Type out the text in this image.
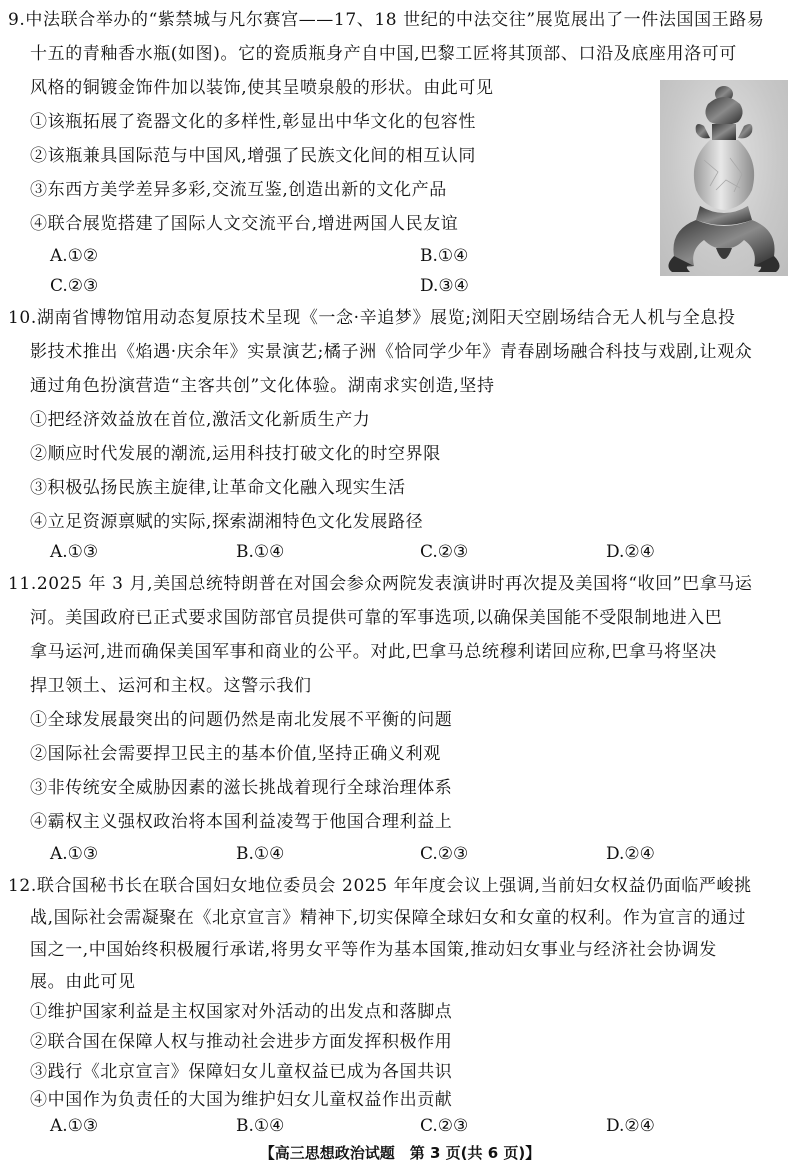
9.中法联合举办的“紫禁城与凡尔赛宫——17、18 世纪的中法交往”展览展出了一件法国国王路易
十五的青釉香水瓶(如图)。它的瓷质瓶身产自中国,巴黎工匠将其顶部、口沿及底座用洛可可
风格的铜镀金饰件加以装饰,使其呈喷泉般的形状。由此可见
①该瓶拓展了瓷器文化的多样性,彰显出中华文化的包容性
②该瓶兼具国际范与中国风,增强了民族文化间的相互认同
③东西方美学差异多彩,交流互鉴,创造出新的文化产品
④联合展览搭建了国际人文交流平台,增进两国人民友谊
A.①②	B.①④
C.②③	D.③④
10.湖南省博物馆用动态复原技术呈现《一念·辛追梦》展览;浏阳天空剧场结合无人机与全息投
影技术推出《焰遇·庆余年》实景演艺;橘子洲《恰同学少年》青春剧场融合科技与戏剧,让观众
通过角色扮演营造“主客共创”文化体验。湖南求实创造,坚持
①把经济效益放在首位,激活文化新质生产力
②顺应时代发展的潮流,运用科技打破文化的时空界限
③积极弘扬民族主旋律,让革命文化融入现实生活
④立足资源禀赋的实际,探索湖湘特色文化发展路径
A.①③	B.①④	C.②③	D.②④
11.2025 年 3 月,美国总统特朗普在对国会参众两院发表演讲时再次提及美国将“收回”巴拿马运
河。美国政府已正式要求国防部官员提供可靠的军事选项,以确保美国能不受限制地进入巴
拿马运河,进而确保美国军事和商业的公平。对此,巴拿马总统穆利诺回应称,巴拿马将坚决
捍卫领土、运河和主权。这警示我们
①全球发展最突出的问题仍然是南北发展不平衡的问题
②国际社会需要捍卫民主的基本价值,坚持正确义利观
③非传统安全威胁因素的滋长挑战着现行全球治理体系
④霸权主义强权政治将本国利益凌驾于他国合理利益上
A.①③	B.①④	C.②③	D.②④
12.联合国秘书长在联合国妇女地位委员会 2025 年年度会议上强调,当前妇女权益仍面临严峻挑
战,国际社会需凝聚在《北京宣言》精神下,切实保障全球妇女和女童的权利。作为宣言的通过
国之一,中国始终积极履行承诺,将男女平等作为基本国策,推动妇女事业与经济社会协调发
展。由此可见
①维护国家利益是主权国家对外活动的出发点和落脚点
②联合国在保障人权与推动社会进步方面发挥积极作用
③践行《北京宣言》保障妇女儿童权益已成为各国共识
④中国作为负责任的大国为维护妇女儿童权益作出贡献
A.①③	B.①④	C.②③	D.②④
【高三思想政治试题　第 3 页(共 6 页)】
